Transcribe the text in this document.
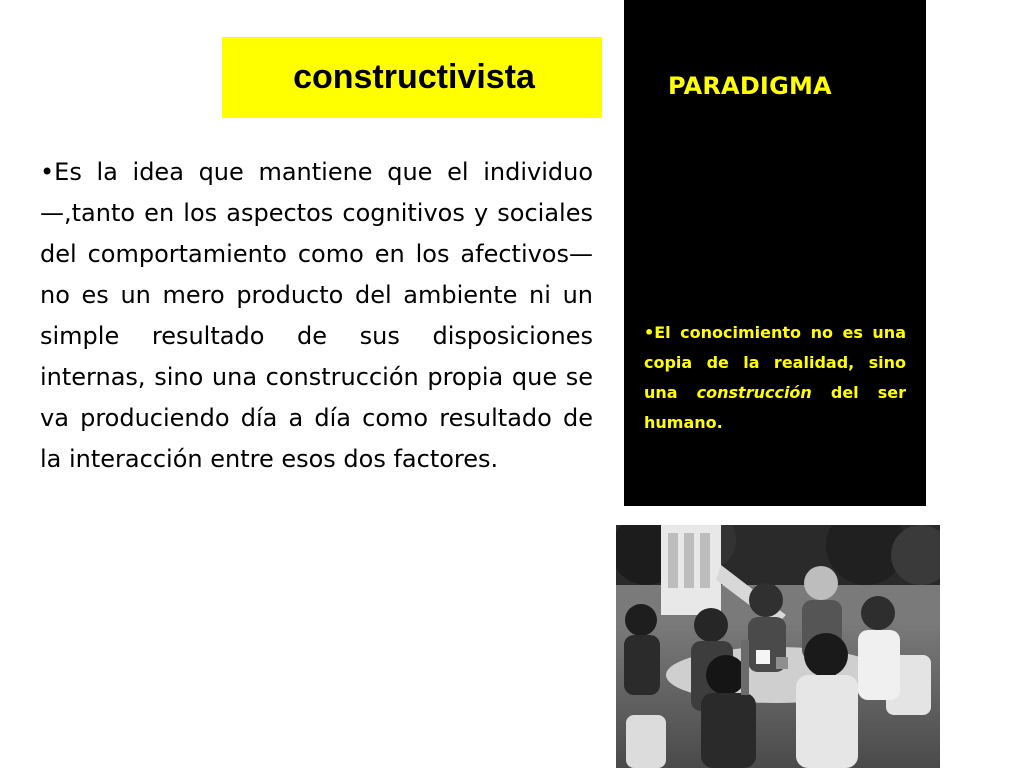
constructivista

•Es la idea que mantiene que el individuo —,tanto en los aspectos cognitivos y sociales del comportamiento como en los afectivos— no es un mero producto del ambiente ni un simple resultado de sus disposiciones internas, sino una construcción propia que se va produciendo día a día como resultado de la interacción entre esos dos factores.

PARADIGMA

•El conocimiento no es una copia de la realidad, sino una construcción del ser humano.
